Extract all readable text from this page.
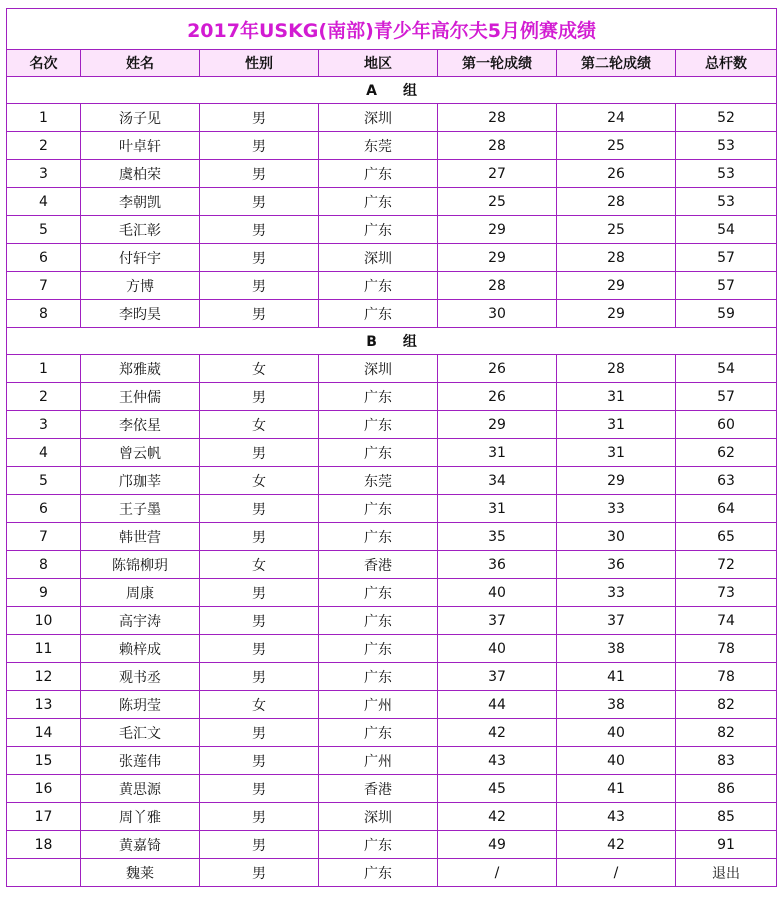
2017年USKG(南部)青少年高尔夫5月例赛成绩						
名次	姓名	性别	地区	第一轮成绩	第二轮成绩	总杆数
A 组						
1	汤子见	男	深圳	28	24	52
2	叶卓轩	男	东莞	28	25	53
3	虞柏荣	男	广东	27	26	53
4	李朝凯	男	广东	25	28	53
5	毛汇彰	男	广东	29	25	54
6	付轩宇	男	深圳	29	28	57
7	方博	男	广东	28	29	57
8	李昀昊	男	广东	30	29	59
B 组						
1	郑雅葳	女	深圳	26	28	54
2	王仲儒	男	广东	26	31	57
3	李依星	女	广东	29	31	60
4	曾云帆	男	广东	31	31	62
5	邝珈莘	女	东莞	34	29	63
6	王子墨	男	广东	31	33	64
7	韩世营	男	广东	35	30	65
8	陈锦柳玥	女	香港	36	36	72
9	周康	男	广东	40	33	73
10	高宇涛	男	广东	37	37	74
11	赖梓成	男	广东	40	38	78
12	观书丞	男	广东	37	41	78
13	陈玥莹	女	广州	44	38	82
14	毛汇文	男	广东	42	40	82
15	张莲伟	男	广州	43	40	83
16	黄思源	男	香港	45	41	86
17	周丫雅	男	深圳	42	43	85
18	黄嘉锜	男	广东	49	42	91
	魏莱	男	广东	/	/	退出
